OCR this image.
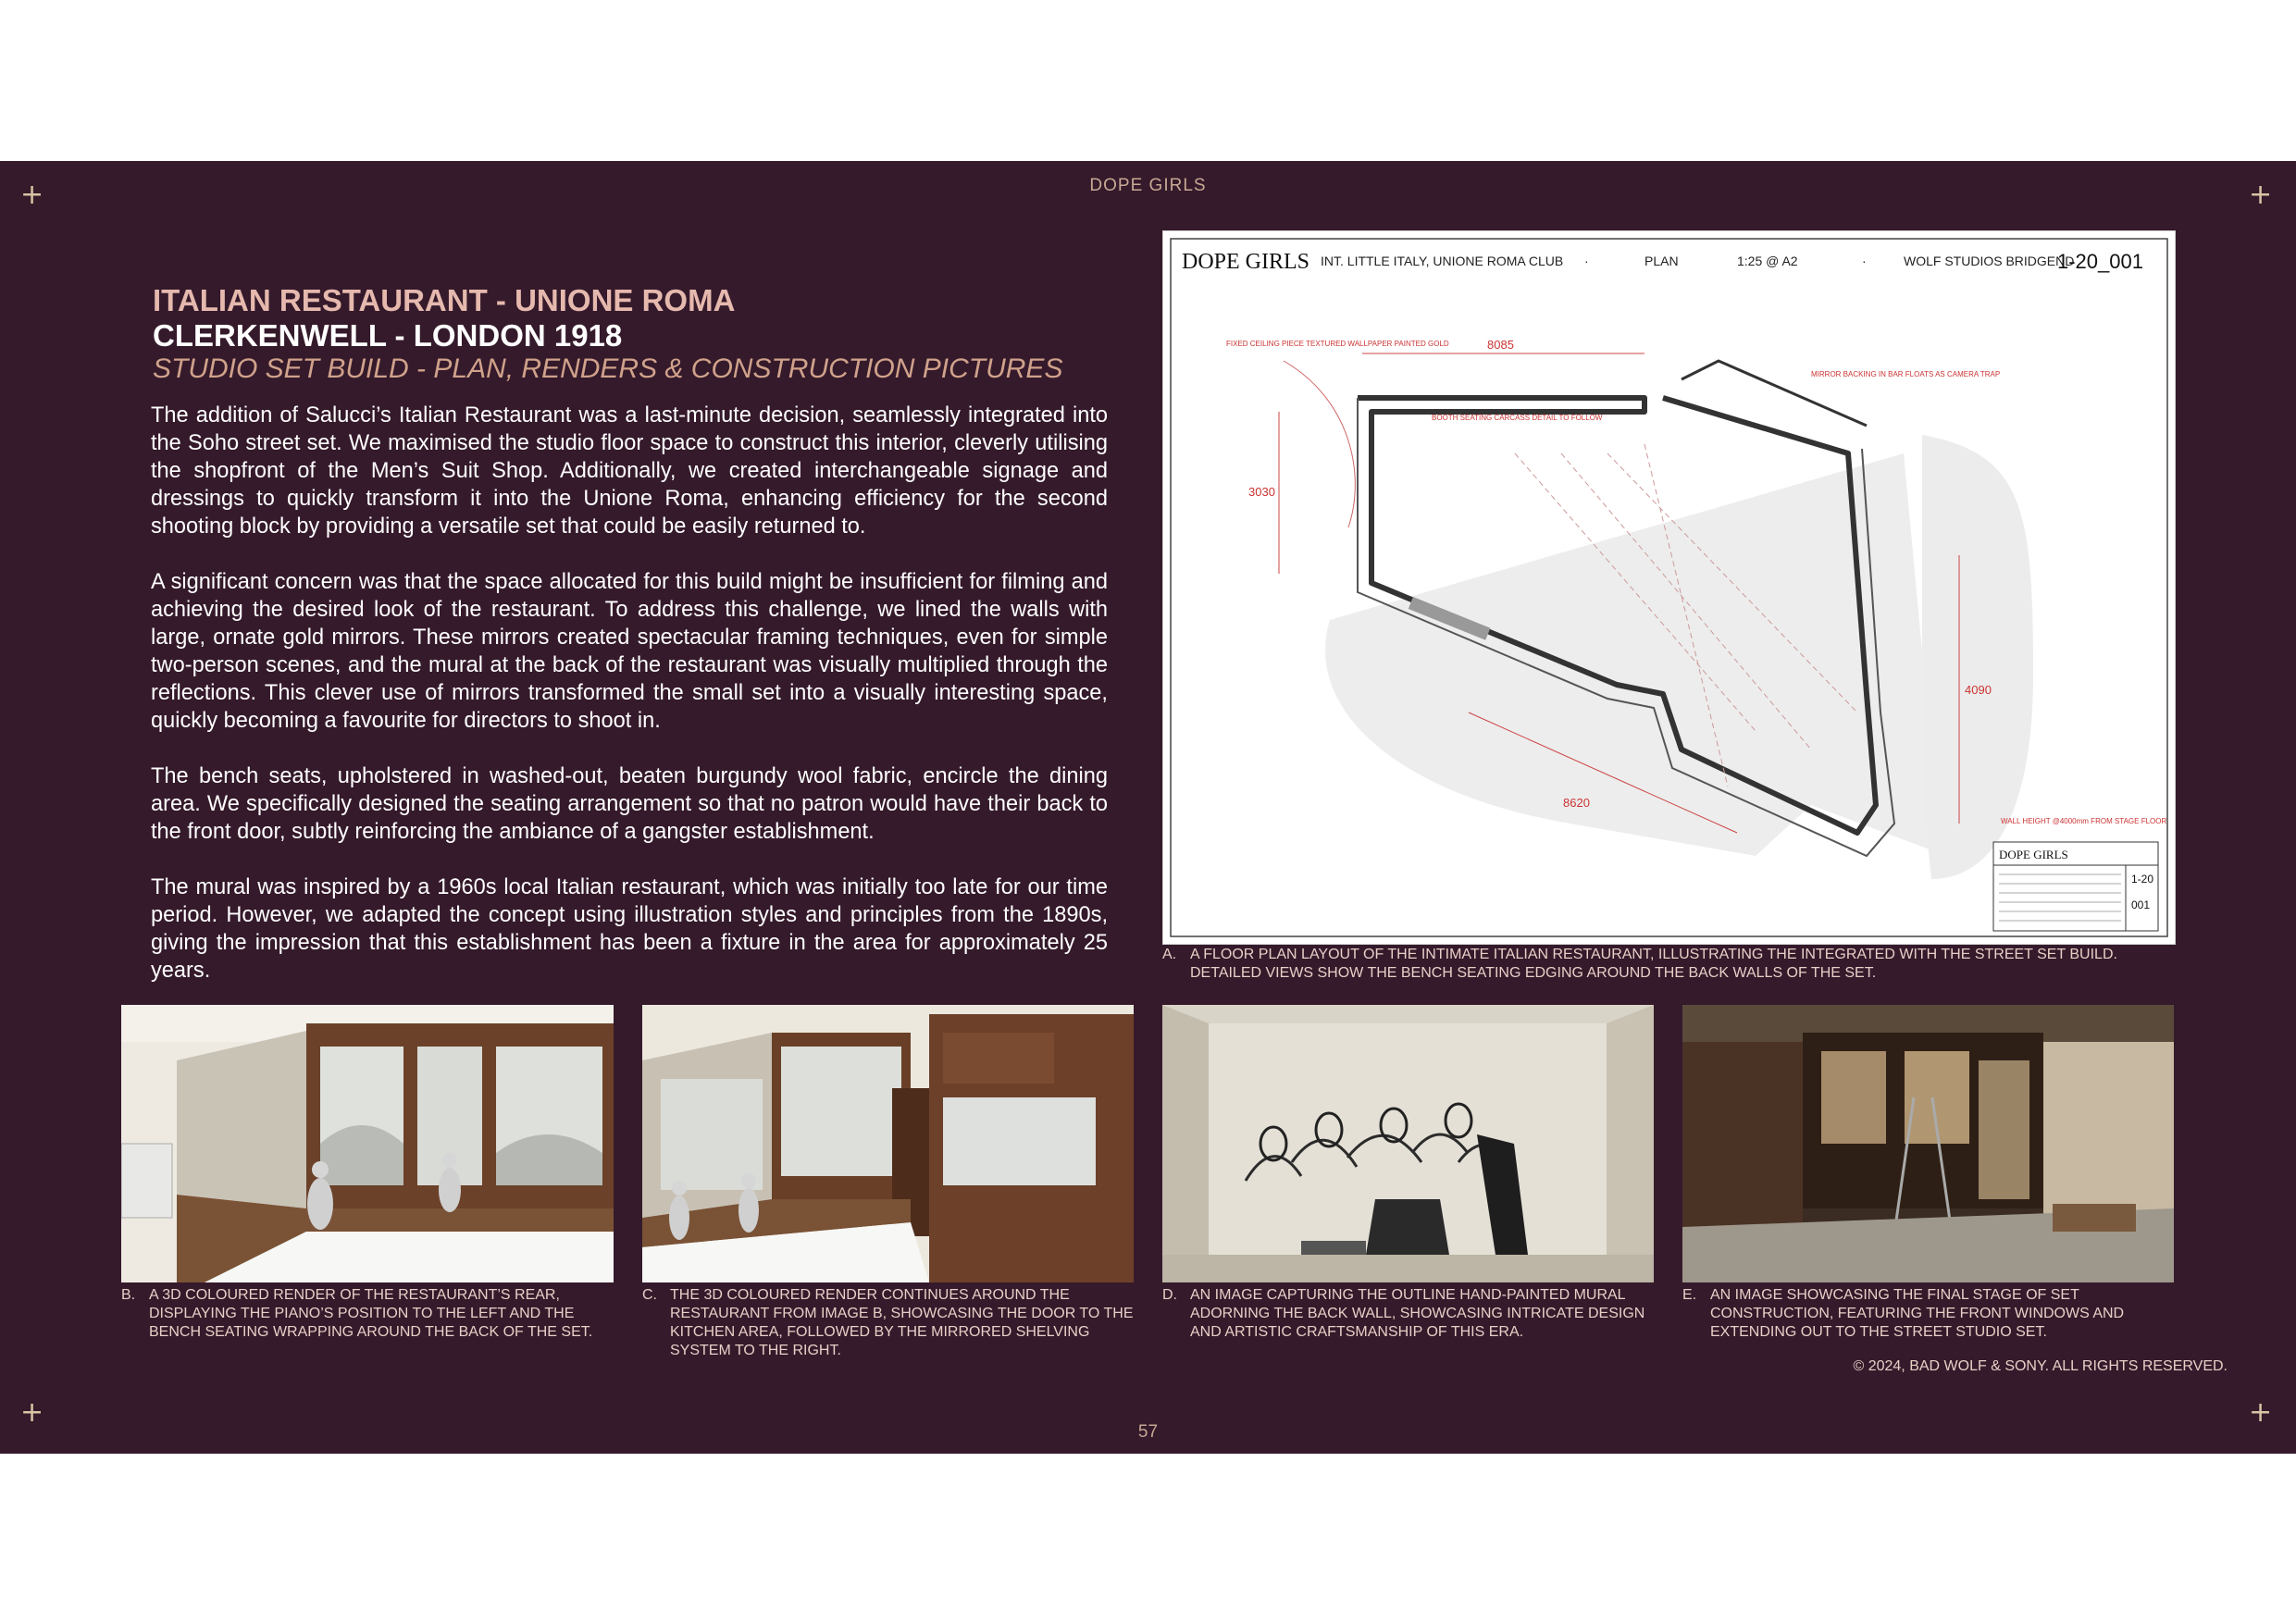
DOPE GIRLS
+	+
+	+
ITALIAN RESTAURANT - UNIONE ROMA
CLERKENWELL - LONDON 1918
STUDIO SET BUILD - PLAN, RENDERS & CONSTRUCTION PICTURES

The addition of Salucci’s Italian Restaurant was a last-minute decision, seamlessly integrated into the Soho street set. We maximised the studio floor space to construct this interior, cleverly utilising the shopfront of the Men’s Suit Shop. Additionally, we created interchangeable signage and dressings to quickly transform it into the Unione Roma, enhancing efficiency for the second shooting block by providing a versatile set that could be easily returned to.

A significant concern was that the space allocated for this build might be insufficient for filming and achieving the desired look of the restaurant. To address this challenge, we lined the walls with large, ornate gold mirrors. These mirrors created spectacular framing techniques, even for simple two-person scenes, and the mural at the back of the restaurant was visually multiplied through the reflections. This clever use of mirrors transformed the small set into a visually interesting space, quickly becoming a favourite for directors to shoot in.

The bench seats, upholstered in washed-out, beaten burgundy wool fabric, encircle the dining area. We specifically designed the seating arrangement so that no patron would have their back to the front door, subtly reinforcing the ambiance of a gangster establishment.

The mural was inspired by a 1960s local Italian restaurant, which was initially too late for our time period. However, we adapted the concept using illustration styles and principles from the 1890s, giving the impression that this establishment has been a fixture in the area for approximately 25 years.

DOPE GIRLS INT. LITTLE ITALY, UNIONE ROMA CLUB ·	PLAN	1:25 @ A2	·	WOLF STUDIOS BRIDGEND
1-20_001
8085
3030
4090
8620
FIXED CEILING PIECE TEXTURED WALLPAPER PAINTED GOLD
MIRROR BACKING IN BAR FLOATS AS CAMERA TRAP
BOOTH SEATING CARCASS DETAIL TO FOLLOW
WALL HEIGHT @4000mm FROM STAGE FLOOR
DOPE GIRLS
1-20
001
A. A FLOOR PLAN LAYOUT OF THE INTIMATE ITALIAN RESTAURANT, ILLUSTRATING THE INTEGRATED WITH THE STREET SET BUILD. DETAILED VIEWS SHOW THE BENCH SEATING EDGING AROUND THE BACK WALLS OF THE SET.
B. A 3D COLOURED RENDER OF THE RESTAURANT’S REAR, DISPLAYING THE PIANO’S POSITION TO THE LEFT AND THE BENCH SEATING WRAPPING AROUND THE BACK OF THE SET.
C. THE 3D COLOURED RENDER CONTINUES AROUND THE RESTAURANT FROM IMAGE B, SHOWCASING THE DOOR TO THE KITCHEN AREA, FOLLOWED BY THE MIRRORED SHELVING SYSTEM TO THE RIGHT.
D. AN IMAGE CAPTURING THE OUTLINE HAND-PAINTED MURAL ADORNING THE BACK WALL, SHOWCASING INTRICATE DESIGN AND ARTISTIC CRAFTSMANSHIP OF THIS ERA.
E. AN IMAGE SHOWCASING THE FINAL STAGE OF SET CONSTRUCTION, FEATURING THE FRONT WINDOWS AND EXTENDING OUT TO THE STREET STUDIO SET.
© 2024, BAD WOLF & SONY. ALL RIGHTS RESERVED.
57
